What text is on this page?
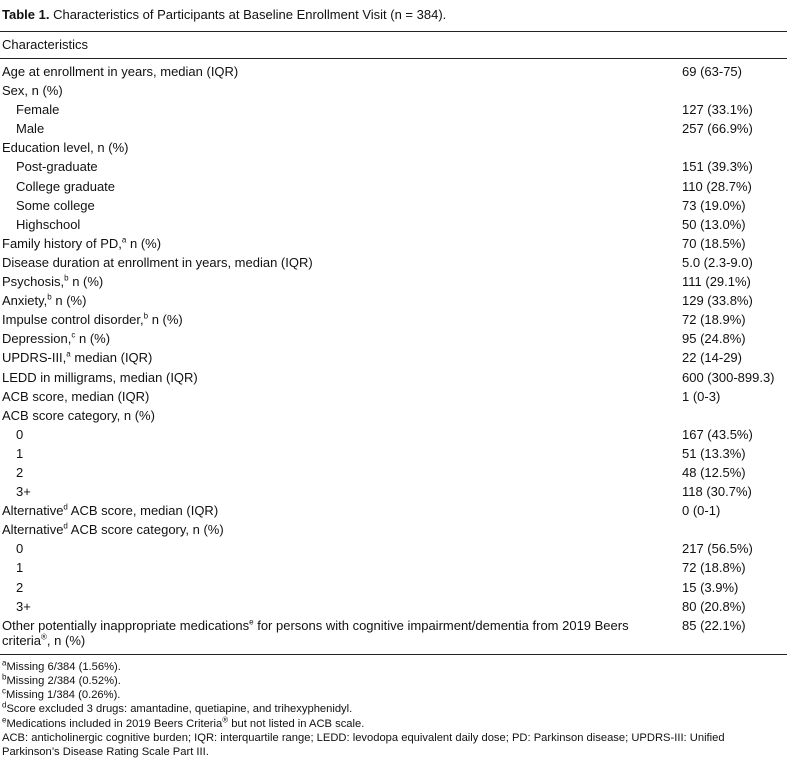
Table 1. Characteristics of Participants at Baseline Enrollment Visit (n = 384).
Characteristics
Age at enrollment in years, median (IQR)	69 (63-75)
Sex, n (%)	
Female	127 (33.1%)
Male	257 (66.9%)
Education level, n (%)	
Post-graduate	151 (39.3%)
College graduate	110 (28.7%)
Some college	73 (19.0%)
Highschool	50 (13.0%)
Family history of PD,$^a$ n (%)	70 (18.5%)
Disease duration at enrollment in years, median (IQR)	5.0 (2.3-9.0)
Psychosis,$^b$ n (%)	111 (29.1%)
Anxiety,$^b$ n (%)	129 (33.8%)
Impulse control disorder,$^b$ n (%)	72 (18.9%)
Depression,$^c$ n (%)	95 (24.8%)
UPDRS-III,$^a$ median (IQR)	22 (14-29)
LEDD in milligrams, median (IQR)	600 (300-899.3)
ACB score, median (IQR)	1 (0-3)
ACB score category, n (%)	
0	167 (43.5%)
1	51 (13.3%)
2	48 (12.5%)
3+	118 (30.7%)
Alternative$^d$ ACB score, median (IQR)	0 (0-1)
Alternative$^d$ ACB score category, n (%)	
0	217 (56.5%)
1	72 (18.8%)
2	15 (3.9%)
3+	80 (20.8%)
Other potentially inappropriate medications$^e$ for persons with cognitive impairment/dementia from 2019 Beers
criteria®, n (%)	85 (22.1%)
$^a$Missing 6/384 (1.56%).
$^b$Missing 2/384 (0.52%).
$^c$Missing 1/384 (0.26%).
$^d$Score excluded 3 drugs: amantadine, quetiapine, and trihexyphenidyl.
$^e$Medications included in 2019 Beers Criteria® but not listed in ACB scale.
ACB: anticholinergic cognitive burden; IQR: interquartile range; LEDD: levodopa equivalent daily dose; PD: Parkinson disease; UPDRS-III: Unified Parkinson’s Disease Rating Scale Part III.
